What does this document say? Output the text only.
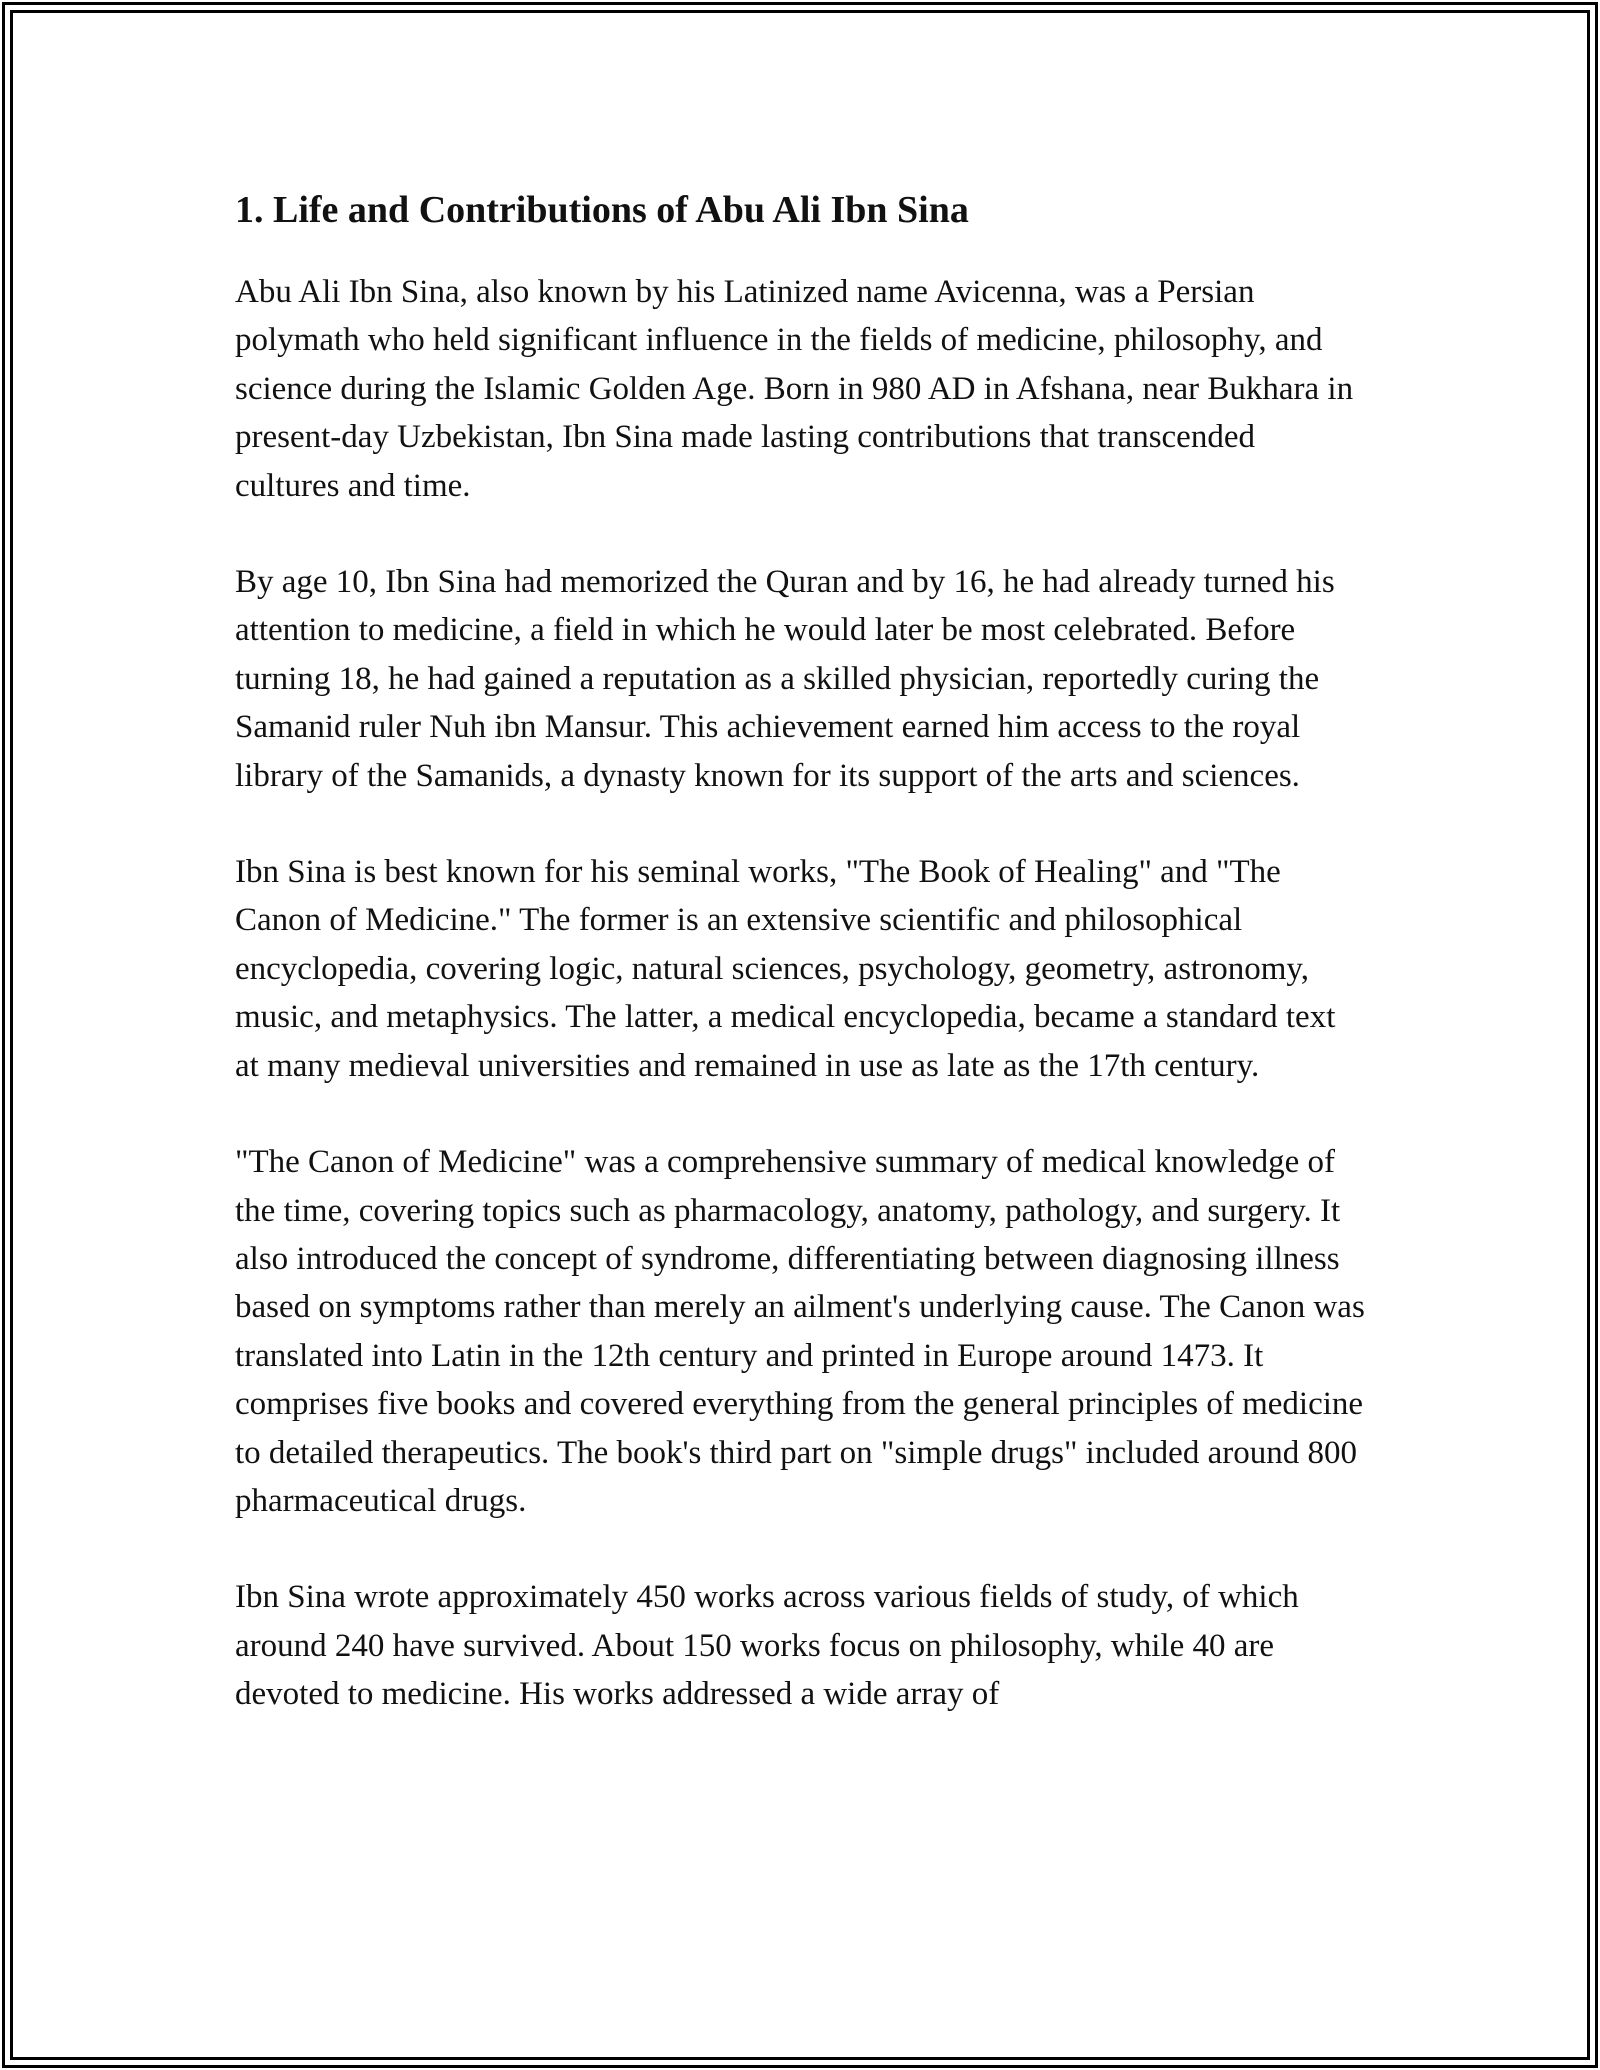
1. Life and Contributions of Abu Ali Ibn Sina

Abu Ali Ibn Sina, also known by his Latinized name Avicenna, was a Persian polymath who held significant influence in the fields of medicine, philosophy, and science during the Islamic Golden Age. Born in 980 AD in Afshana, near Bukhara in present-day Uzbekistan, Ibn Sina made lasting contributions that transcended cultures and time.

By age 10, Ibn Sina had memorized the Quran and by 16, he had already turned his attention to medicine, a field in which he would later be most celebrated. Before turning 18, he had gained a reputation as a skilled physician, reportedly curing the Samanid ruler Nuh ibn Mansur. This achievement earned him access to the royal library of the Samanids, a dynasty known for its support of the arts and sciences.

Ibn Sina is best known for his seminal works, "The Book of Healing" and "The Canon of Medicine." The former is an extensive scientific and philosophical encyclopedia, covering logic, natural sciences, psychology, geometry, astronomy, music, and metaphysics. The latter, a medical encyclopedia, became a standard text at many medieval universities and remained in use as late as the 17th century.

"The Canon of Medicine" was a comprehensive summary of medical knowledge of the time, covering topics such as pharmacology, anatomy, pathology, and surgery. It also introduced the concept of syndrome, differentiating between diagnosing illness based on symptoms rather than merely an ailment's underlying cause. The Canon was translated into Latin in the 12th century and printed in Europe around 1473. It comprises five books and covered everything from the general principles of medicine to detailed therapeutics. The book's third part on "simple drugs" included around 800 pharmaceutical drugs.

Ibn Sina wrote approximately 450 works across various fields of study, of which around 240 have survived. About 150 works focus on philosophy, while 40 are devoted to medicine. His works addressed a wide array of
